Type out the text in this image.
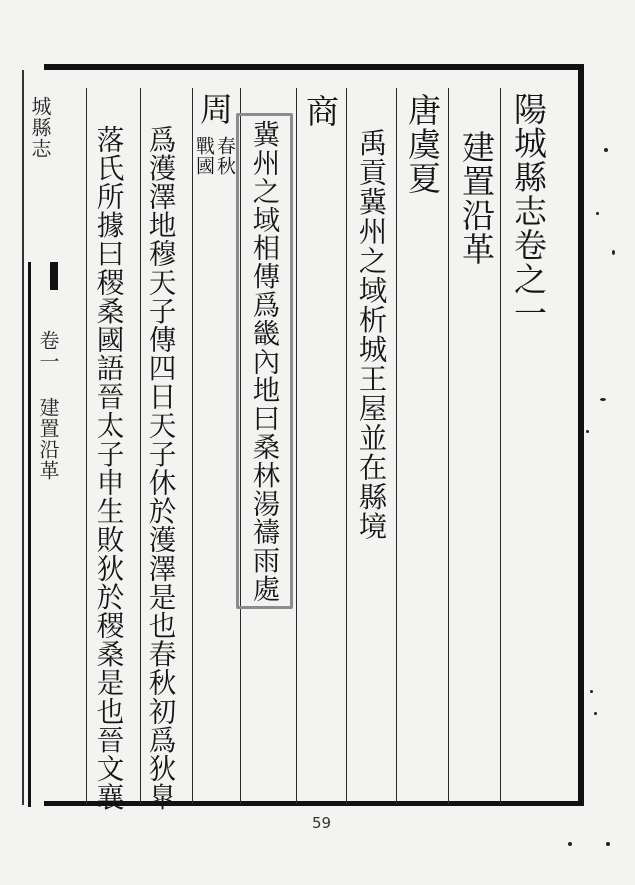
陽城縣志卷之一
建置沿革
唐虞夏
禹貢冀州之域析城王屋並在縣境
商
冀州之域相傳爲畿內地曰桑林湯禱雨處
周
春秋
戰國
爲濩澤地穆天子傳四日天子休於濩澤是也春秋初爲狄臯
落氏所據曰稷桑國語晉太子申生敗狄於稷桑是也晉文襄
城縣志
卷一 建置沿革
59
